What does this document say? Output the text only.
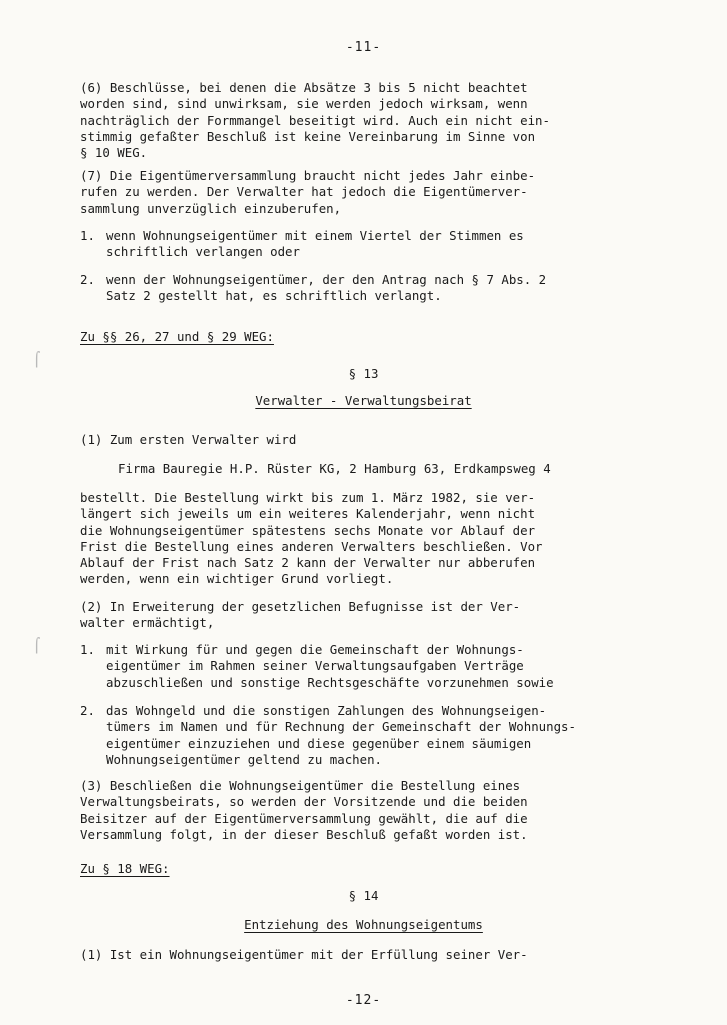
-11-
(6) Beschlüsse, bei denen die Absätze 3 bis 5 nicht beachtet
worden sind, sind unwirksam, sie werden jedoch wirksam, wenn
nachträglich der Formmangel beseitigt wird. Auch ein nicht ein-
stimmig gefaßter Beschluß ist keine Vereinbarung im Sinne von
§ 10 WEG.
(7) Die Eigentümerversammlung braucht nicht jedes Jahr einbe-
rufen zu werden. Der Verwalter hat jedoch die Eigentümerver-
sammlung unverzüglich einzuberufen,
1. wenn Wohnungseigentümer mit einem Viertel der Stimmen es
schriftlich verlangen oder
2. wenn der Wohnungseigentümer, der den Antrag nach § 7 Abs. 2
Satz 2 gestellt hat, es schriftlich verlangt.
Zu §§ 26, 27 und § 29 WEG:
§ 13
Verwalter - Verwaltungsbeirat
(1) Zum ersten Verwalter wird
Firma Bauregie H.P. Rüster KG, 2 Hamburg 63, Erdkampsweg 4
bestellt. Die Bestellung wirkt bis zum 1. März 1982, sie ver-
längert sich jeweils um ein weiteres Kalenderjahr, wenn nicht
die Wohnungseigentümer spätestens sechs Monate vor Ablauf der
Frist die Bestellung eines anderen Verwalters beschließen. Vor
Ablauf der Frist nach Satz 2 kann der Verwalter nur abberufen
werden, wenn ein wichtiger Grund vorliegt.
(2) In Erweiterung der gesetzlichen Befugnisse ist der Ver-
walter ermächtigt,
1. mit Wirkung für und gegen die Gemeinschaft der Wohnungs-
eigentümer im Rahmen seiner Verwaltungsaufgaben Verträge
abzuschließen und sonstige Rechtsgeschäfte vorzunehmen sowie
2. das Wohngeld und die sonstigen Zahlungen des Wohnungseigen-
tümers im Namen und für Rechnung der Gemeinschaft der Wohnungs-
eigentümer einzuziehen und diese gegenüber einem säumigen
Wohnungseigentümer geltend zu machen.
(3) Beschließen die Wohnungseigentümer die Bestellung eines
Verwaltungsbeirats, so werden der Vorsitzende und die beiden
Beisitzer auf der Eigentümerversammlung gewählt, die auf die
Versammlung folgt, in der dieser Beschluß gefaßt worden ist.
Zu § 18 WEG:
§ 14
Entziehung des Wohnungseigentums
(1) Ist ein Wohnungseigentümer mit der Erfüllung seiner Ver-
-12-
⌠
⌠
